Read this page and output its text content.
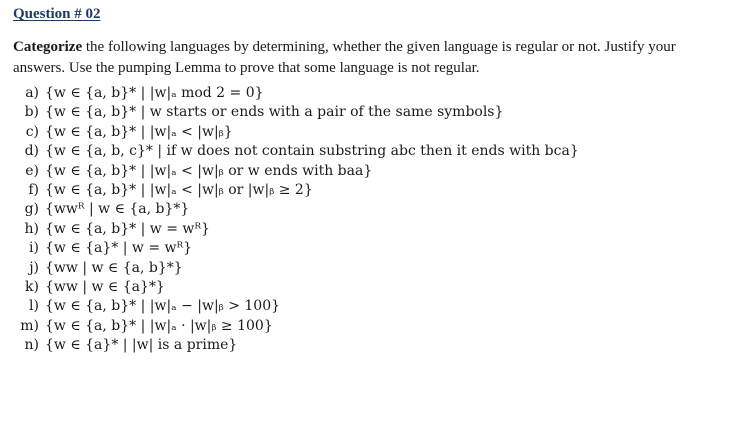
Question # 02

Categorize the following languages by determining, whether the given language is regular or not. Justify your answers. Use the pumping Lemma to prove that some language is not regular.

a) {w ∈ {a, b}* | |w|ₐ mod 2 = 0}
b) {w ∈ {a, b}* | w starts or ends with a pair of the same symbols}
c) {w ∈ {a, b}* | |w|ₐ < |w|ᵦ}
d) {w ∈ {a, b, c}* | if w does not contain substring abc then it ends with bca}
e) {w ∈ {a, b}* | |w|ₐ < |w|ᵦ or w ends with baa}
f) {w ∈ {a, b}* | |w|ₐ < |w|ᵦ or |w|ᵦ ≥ 2}
g) {wwᴿ | w ∈ {a, b}*}
h) {w ∈ {a, b}* | w = wᴿ}
i) {w ∈ {a}* | w = wᴿ}
j) {ww | w ∈ {a, b}*}
k) {ww | w ∈ {a}*}
l) {w ∈ {a, b}* | |w|ₐ − |w|ᵦ > 100}
m) {w ∈ {a, b}* | |w|ₐ · |w|ᵦ ≥ 100}
n) {w ∈ {a}* | |w| is a prime}
